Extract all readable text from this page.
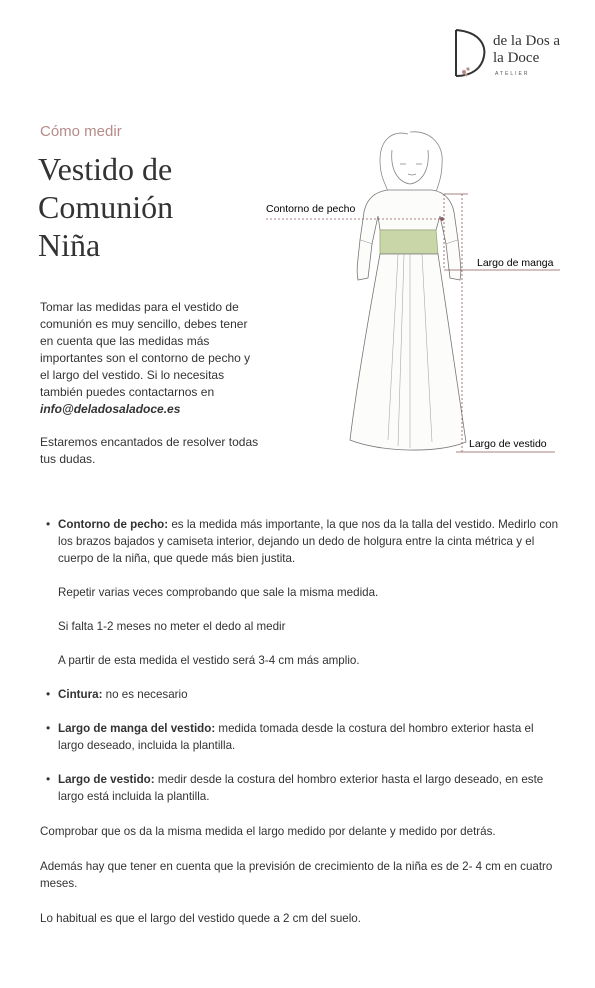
de la Dos a
la Doce
ATELIER
Cómo medir
Vestido de
Comunión
Niña
Tomar las medidas para el vestido de comunión es muy sencillo, debes tener en cuenta que las medidas más importantes son el contorno de pecho y el largo del vestido. Si lo necesitas también puedes contactarnos en
info@deladosaladoce.es
Estaremos encantados de resolver todas tus dudas.
Contorno de pecho
Largo de manga
Largo de vestido
• Contorno de pecho: es la medida más importante, la que nos da la talla del vestido. Medirlo con los brazos bajados y camiseta interior, dejando un dedo de holgura entre la cinta métrica y el cuerpo de la niña, que quede más bien justita.
Repetir varias veces comprobando que sale la misma medida.
Si falta 1-2 meses no meter el dedo al medir
A partir de esta medida el vestido será 3-4 cm más amplio.
• Cintura: no es necesario
• Largo de manga del vestido: medida tomada desde la costura del hombro exterior hasta el largo deseado, incluida la plantilla.
• Largo de vestido: medir desde la costura del hombro exterior hasta el largo deseado, en este largo está incluida la plantilla.
Comprobar que os da la misma medida el largo medido por delante y medido por detrás.
Además hay que tener en cuenta que la previsión de crecimiento de la niña es de 2- 4 cm en cuatro meses.
Lo habitual es que el largo del vestido quede a 2 cm del suelo.
